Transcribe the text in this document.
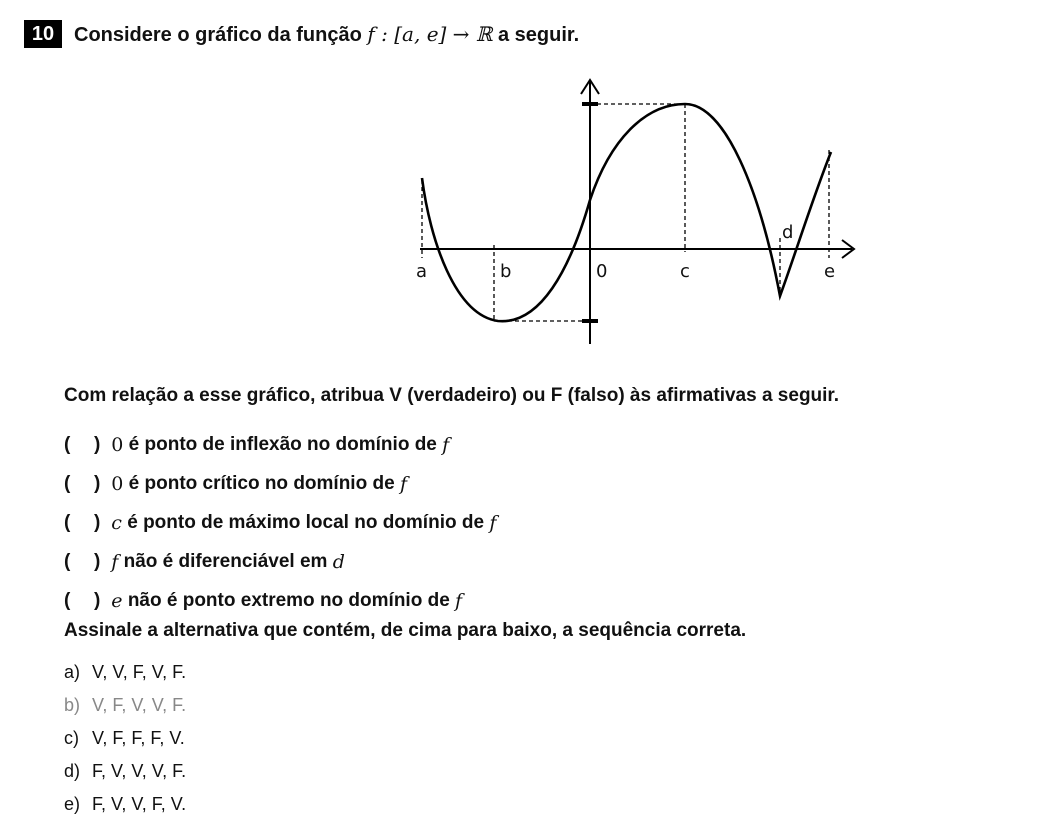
10 Considere o gráfico da função f : [a, e] → ℝ a seguir.
a	b	0	c
d
e
Com relação a esse gráfico, atribua V (verdadeiro) ou F (falso) às afirmativas a seguir.
(	)
0
é ponto de inflexão no domínio de
f
(	)
0
é ponto crítico no domínio de
f
(	)
c
é ponto de máximo local no domínio de
f
(	)
f
não é diferenciável em
d
(	)
e
não é ponto extremo no domínio de
f
Assinale a alternativa que contém, de cima para baixo, a sequência correta.
a) V, V, F, V, F.
b) V, F, V, V, F.
c) V, F, F, F, V.
d) F, V, V, V, F.
e) F, V, V, F, V.
